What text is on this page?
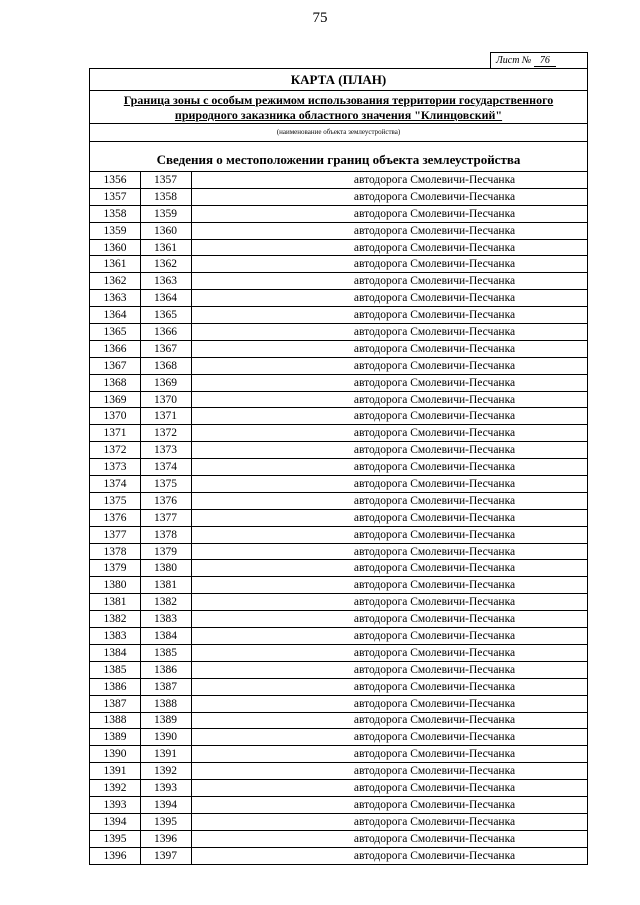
75
Лист № 76
КАРТА (ПЛАН)
Граница зоны с особым режимом использования территории государственного
природного заказника областного значения "Клинцовский"
(наименование объекта землеустройства)
Сведения о местоположении границ объекта землеустройства
1356	1357	автодорога Смолевичи-Песчанка
1357	1358	автодорога Смолевичи-Песчанка
1358	1359	автодорога Смолевичи-Песчанка
1359	1360	автодорога Смолевичи-Песчанка
1360	1361	автодорога Смолевичи-Песчанка
1361	1362	автодорога Смолевичи-Песчанка
1362	1363	автодорога Смолевичи-Песчанка
1363	1364	автодорога Смолевичи-Песчанка
1364	1365	автодорога Смолевичи-Песчанка
1365	1366	автодорога Смолевичи-Песчанка
1366	1367	автодорога Смолевичи-Песчанка
1367	1368	автодорога Смолевичи-Песчанка
1368	1369	автодорога Смолевичи-Песчанка
1369	1370	автодорога Смолевичи-Песчанка
1370	1371	автодорога Смолевичи-Песчанка
1371	1372	автодорога Смолевичи-Песчанка
1372	1373	автодорога Смолевичи-Песчанка
1373	1374	автодорога Смолевичи-Песчанка
1374	1375	автодорога Смолевичи-Песчанка
1375	1376	автодорога Смолевичи-Песчанка
1376	1377	автодорога Смолевичи-Песчанка
1377	1378	автодорога Смолевичи-Песчанка
1378	1379	автодорога Смолевичи-Песчанка
1379	1380	автодорога Смолевичи-Песчанка
1380	1381	автодорога Смолевичи-Песчанка
1381	1382	автодорога Смолевичи-Песчанка
1382	1383	автодорога Смолевичи-Песчанка
1383	1384	автодорога Смолевичи-Песчанка
1384	1385	автодорога Смолевичи-Песчанка
1385	1386	автодорога Смолевичи-Песчанка
1386	1387	автодорога Смолевичи-Песчанка
1387	1388	автодорога Смолевичи-Песчанка
1388	1389	автодорога Смолевичи-Песчанка
1389	1390	автодорога Смолевичи-Песчанка
1390	1391	автодорога Смолевичи-Песчанка
1391	1392	автодорога Смолевичи-Песчанка
1392	1393	автодорога Смолевичи-Песчанка
1393	1394	автодорога Смолевичи-Песчанка
1394	1395	автодорога Смолевичи-Песчанка
1395	1396	автодорога Смолевичи-Песчанка
1396	1397	автодорога Смолевичи-Песчанка
